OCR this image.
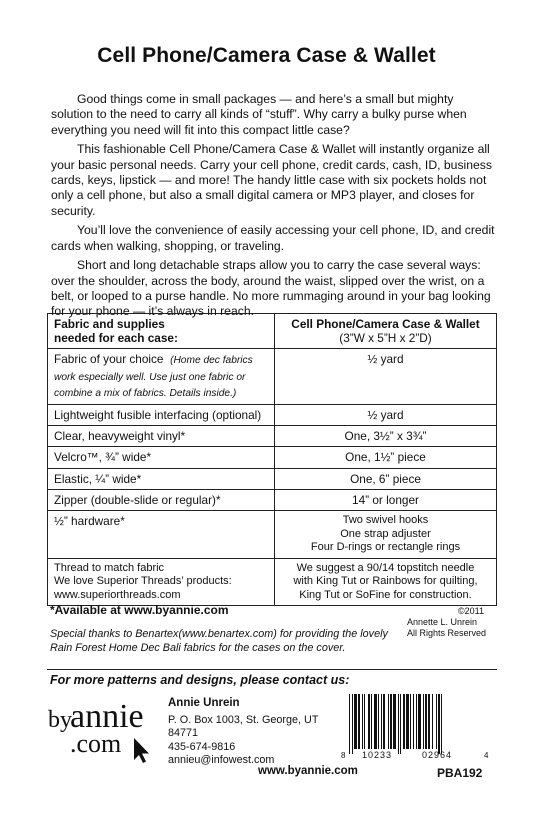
Cell Phone/Camera Case & Wallet

Good things come in small packages — and here’s a small but mighty solution to the need to carry all kinds of “stuff”. Why carry a bulky purse when everything you need will fit into this compact little case?

This fashionable Cell Phone/Camera Case & Wallet will instantly organize all your basic personal needs. Carry your cell phone, credit cards, cash, ID, business cards, keys, lipstick — and more! The handy little case with six pockets holds not only a cell phone, but also a small digital camera or MP3 player, and closes for security.

You’ll love the convenience of easily accessing your cell phone, ID, and credit cards when walking, shopping, or traveling.

Short and long detachable straps allow you to carry the case several ways: over the shoulder, across the body, around the waist, slipped over the wrist, on a belt, or looped to a purse handle. No more rummaging around in your bag looking for your phone — it’s always in reach.

Fabric and supplies
needed for each case:	Cell Phone/Camera Case & Wallet
(3”W x 5”H x 2”D)

Fabric of your choice (Home dec fabrics work especially well. Use just one fabric or combine a mix of fabrics. Details inside.)	½ yard
Lightweight fusible interfacing (optional)	½ yard
Clear, heavyweight vinyl*	One, 3½” x 3¾”
Velcro™, ¾” wide*	One, 1½” piece
Elastic, ¼” wide*	One, 6” piece
Zipper (double-slide or regular)*	14” or longer
½” hardware*	Two swivel hooks
One strap adjuster
Four D-rings or rectangle rings

Thread to match fabric
We love Superior Threads’ products:
www.superiorthreads.com	We suggest a 90/14 topstitch needle
with King Tut or Rainbows for quilting,
King Tut or SoFine for construction.
*Available at www.byannie.com	©2011
Annette L. Unrein
All Rights Reserved
Special thanks to Benartex(www.benartex.com) for providing the lovely Rain Forest Home Dec Bali fabrics for the cases on the cover.
For more patterns and designs, please contact us:
by
annie
.com
Annie Unrein
P. O. Box 1003, St. George, UT
84771
435-674-9816
annieu@infowest.com	8 10233	02964	4
www.byannie.com	PBA192
